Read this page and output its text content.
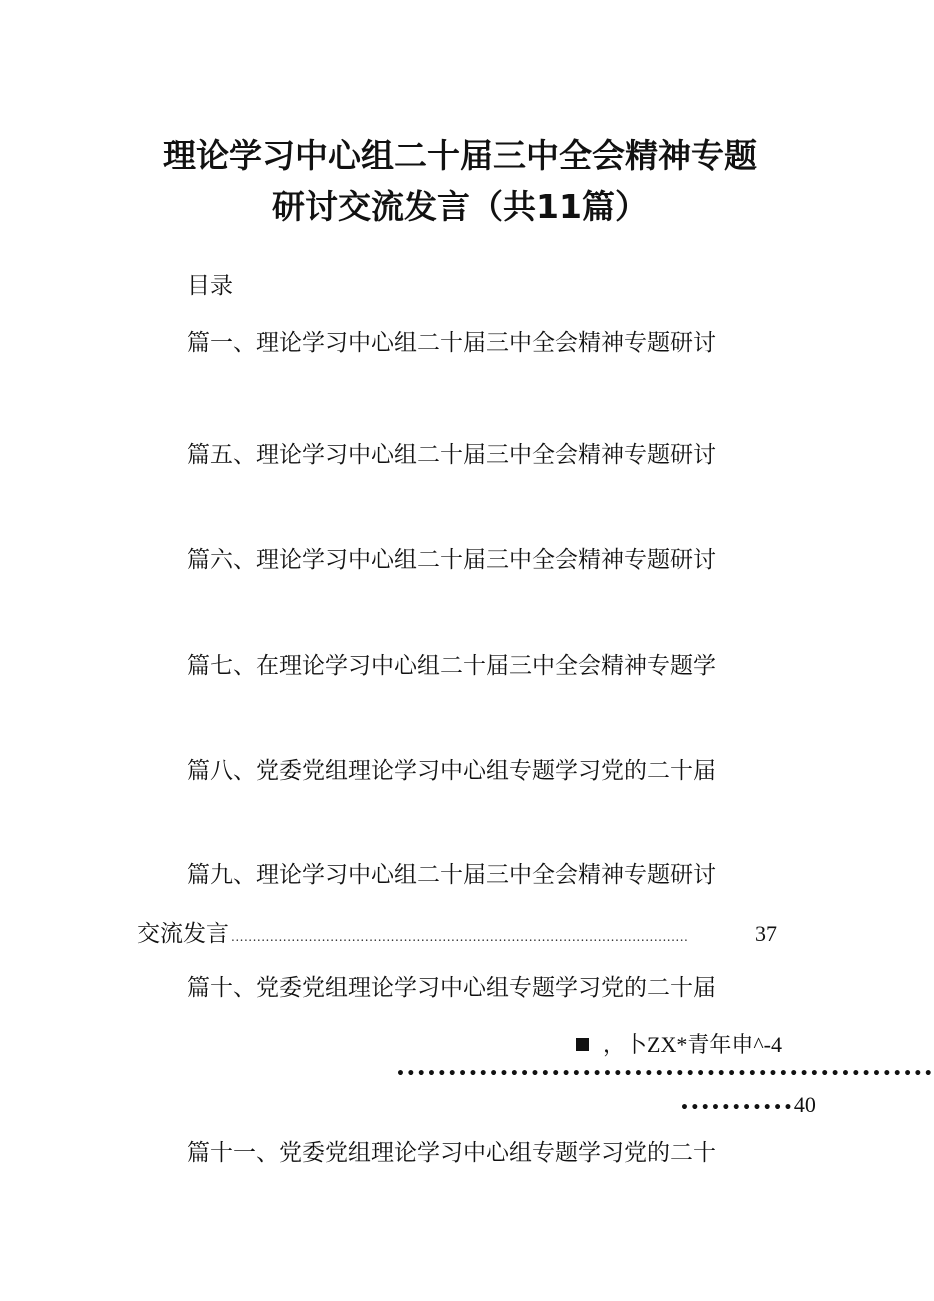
理论学习中心组二十届三中全会精神专题
研讨交流发言（共11篇）
目录
篇一、理论学习中心组二十届三中全会精神专题研讨
篇五、理论学习中心组二十届三中全会精神专题研讨
篇六、理论学习中心组二十届三中全会精神专题研讨
篇七、在理论学习中心组二十届三中全会精神专题学
篇八、党委党组理论学习中心组专题学习党的二十届
篇九、理论学习中心组二十届三中全会精神专题研讨
交流发言 ..........................................................................................................	37
篇十、党委党组理论学习中心组专题学习党的二十届
，卜ZX*青年申^-4
••••••••••••••••••••••••••••••••••••••••••••••••••••
••••••••••• 40
篇十一、党委党组理论学习中心组专题学习党的二十
